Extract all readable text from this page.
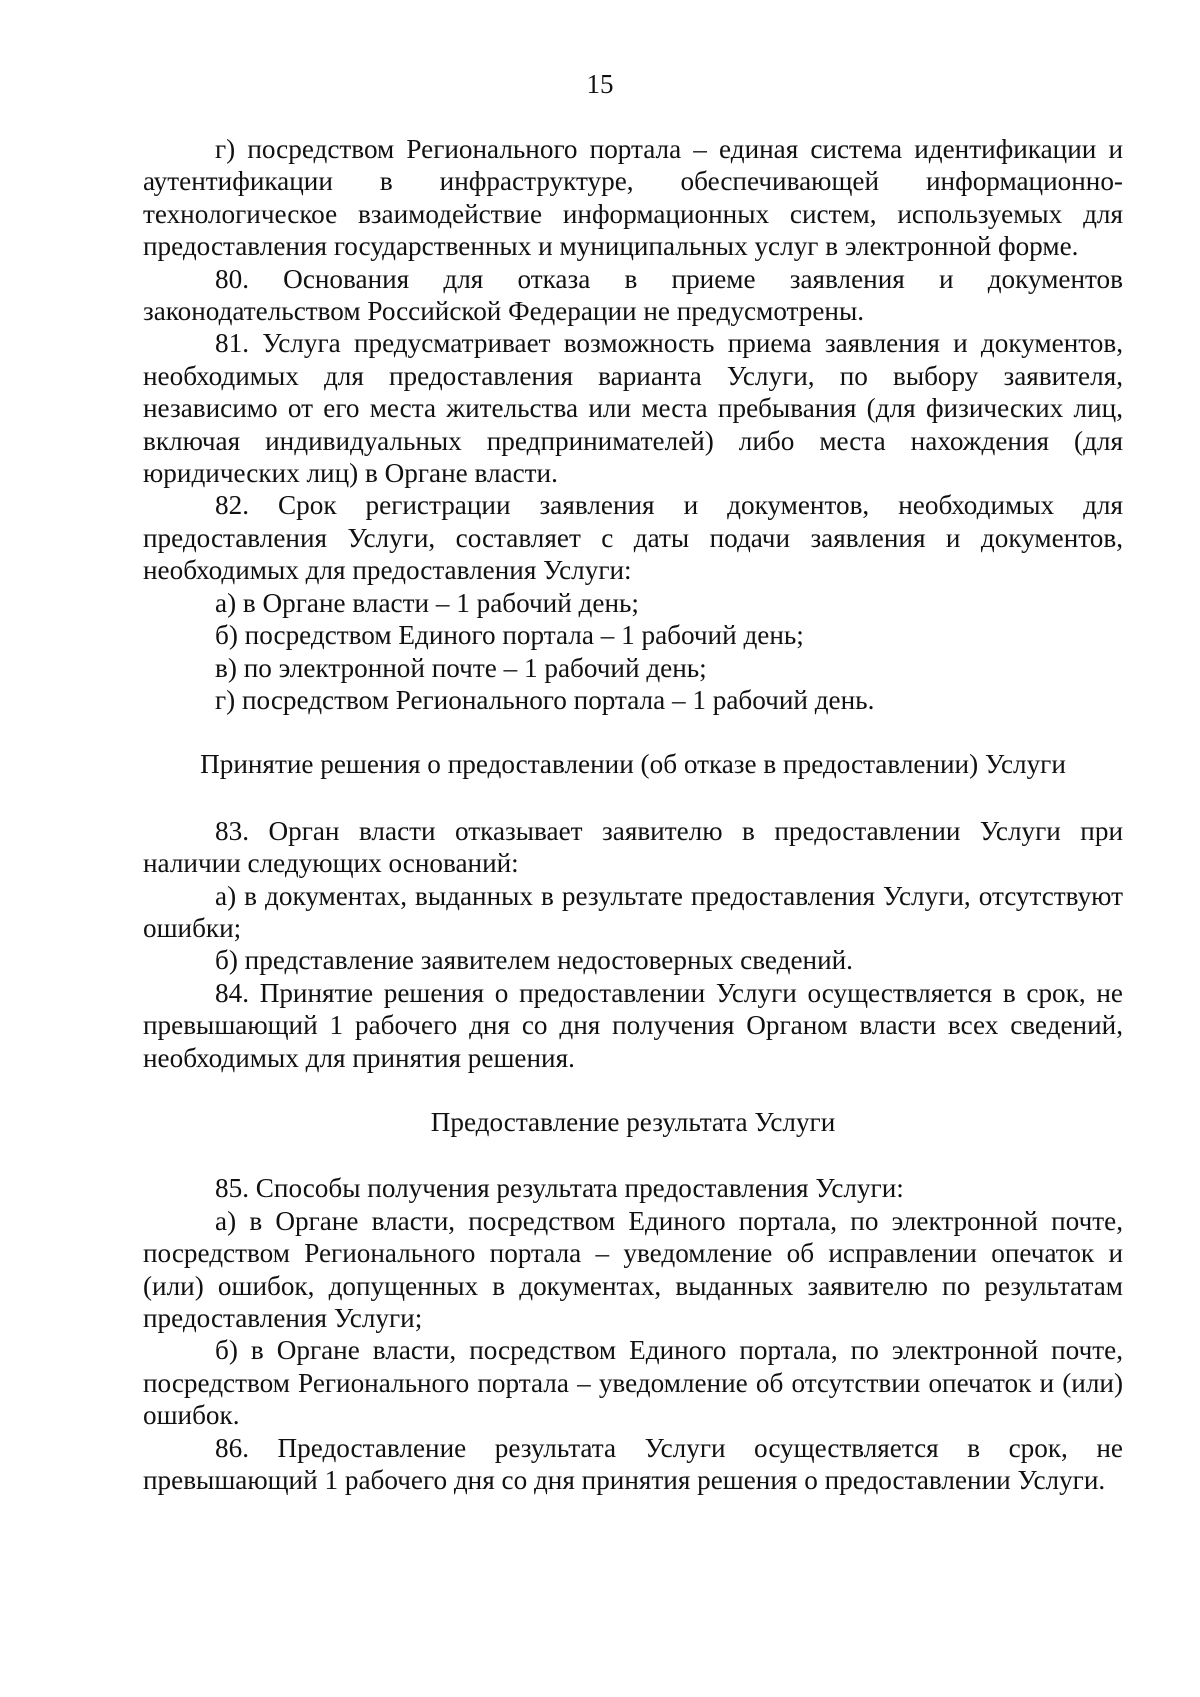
15

г) посредством Регионального портала – единая система идентификации и аутентификации в инфраструктуре, обеспечивающей информационно-технологическое взаимодействие информационных систем, используемых для предоставления государственных и муниципальных услуг в электронной форме.

80. Основания для отказа в приеме заявления и документов законодательством Российской Федерации не предусмотрены.

81. Услуга предусматривает возможность приема заявления и документов, необходимых для предоставления варианта Услуги, по выбору заявителя, независимо от его места жительства или места пребывания (для физических лиц, включая индивидуальных предпринимателей) либо места нахождения (для юридических лиц) в Органе власти.

82. Срок регистрации заявления и документов, необходимых для предоставления Услуги, составляет с даты подачи заявления и документов, необходимых для предоставления Услуги:

а) в Органе власти – 1 рабочий день;

б) посредством Единого портала – 1 рабочий день;

в) по электронной почте – 1 рабочий день;

г) посредством Регионального портала – 1 рабочий день.

Принятие решения о предоставлении (об отказе в предоставлении) Услуги

83. Орган власти отказывает заявителю в предоставлении Услуги при наличии следующих оснований:

а) в документах, выданных в результате предоставления Услуги, отсутствуют ошибки;

б) представление заявителем недостоверных сведений.

84. Принятие решения о предоставлении Услуги осуществляется в срок, не превышающий 1 рабочего дня со дня получения Органом власти всех сведений, необходимых для принятия решения.

Предоставление результата Услуги

85. Способы получения результата предоставления Услуги:

а) в Органе власти, посредством Единого портала, по электронной почте, посредством Регионального портала – уведомление об исправлении опечаток и (или) ошибок, допущенных в документах, выданных заявителю по результатам предоставления Услуги;

б) в Органе власти, посредством Единого портала, по электронной почте, посредством Регионального портала – уведомление об отсутствии опечаток и (или) ошибок.

86. Предоставление результата Услуги осуществляется в срок, не превышающий 1 рабочего дня со дня принятия решения о предоставлении Услуги.
